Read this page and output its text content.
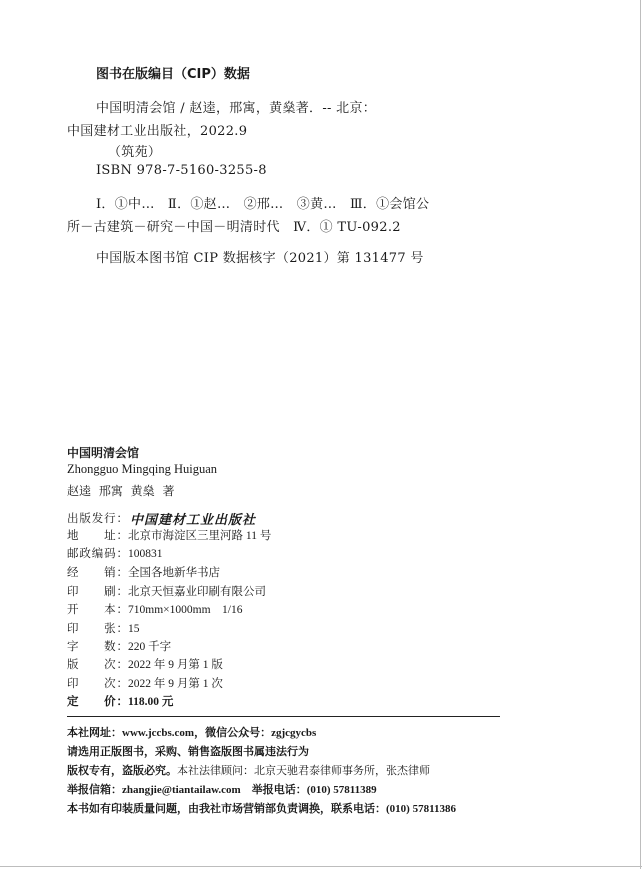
图书在版编目（CIP）数据
中国明清会馆 / 赵逵，邢寓，黄燊著．-- 北京：
中国建材工业出版社，2022.9
（筑苑）
ISBN 978-7-5160-3255-8
Ⅰ．①中…　Ⅱ．①赵…　②邢…　③黄…　Ⅲ．①会馆公
所－古建筑－研究－中国－明清时代　Ⅳ．① TU-092.2
中国版本图书馆 CIP 数据核字（2021）第 131477 号
中国明清会馆
Zhongguo Mingqing Huiguan
赵逵 邢寓 黄燊 著
出版发行： 中国建材工业出版社
地　　址：北京市海淀区三里河路 11 号
邮政编码：100831
经　　销：全国各地新华书店
印　　刷：北京天恒嘉业印刷有限公司
开　　本：710mm×1000mm　1/16
印　　张：15
字　　数：220 千字
版　　次：2022 年 9 月第 1 版
印　　次：2022 年 9 月第 1 次
定　　价：118.00 元
本社网址：www.jccbs.com，微信公众号：zgjcgycbs
请选用正版图书，采购、销售盗版图书属违法行为
版权专有，盗版必究。本社法律顾问：北京天驰君泰律师事务所，张杰律师
举报信箱：zhangjie@tiantailaw.com　举报电话：(010) 57811389
本书如有印装质量问题，由我社市场营销部负责调换，联系电话：(010) 57811386
